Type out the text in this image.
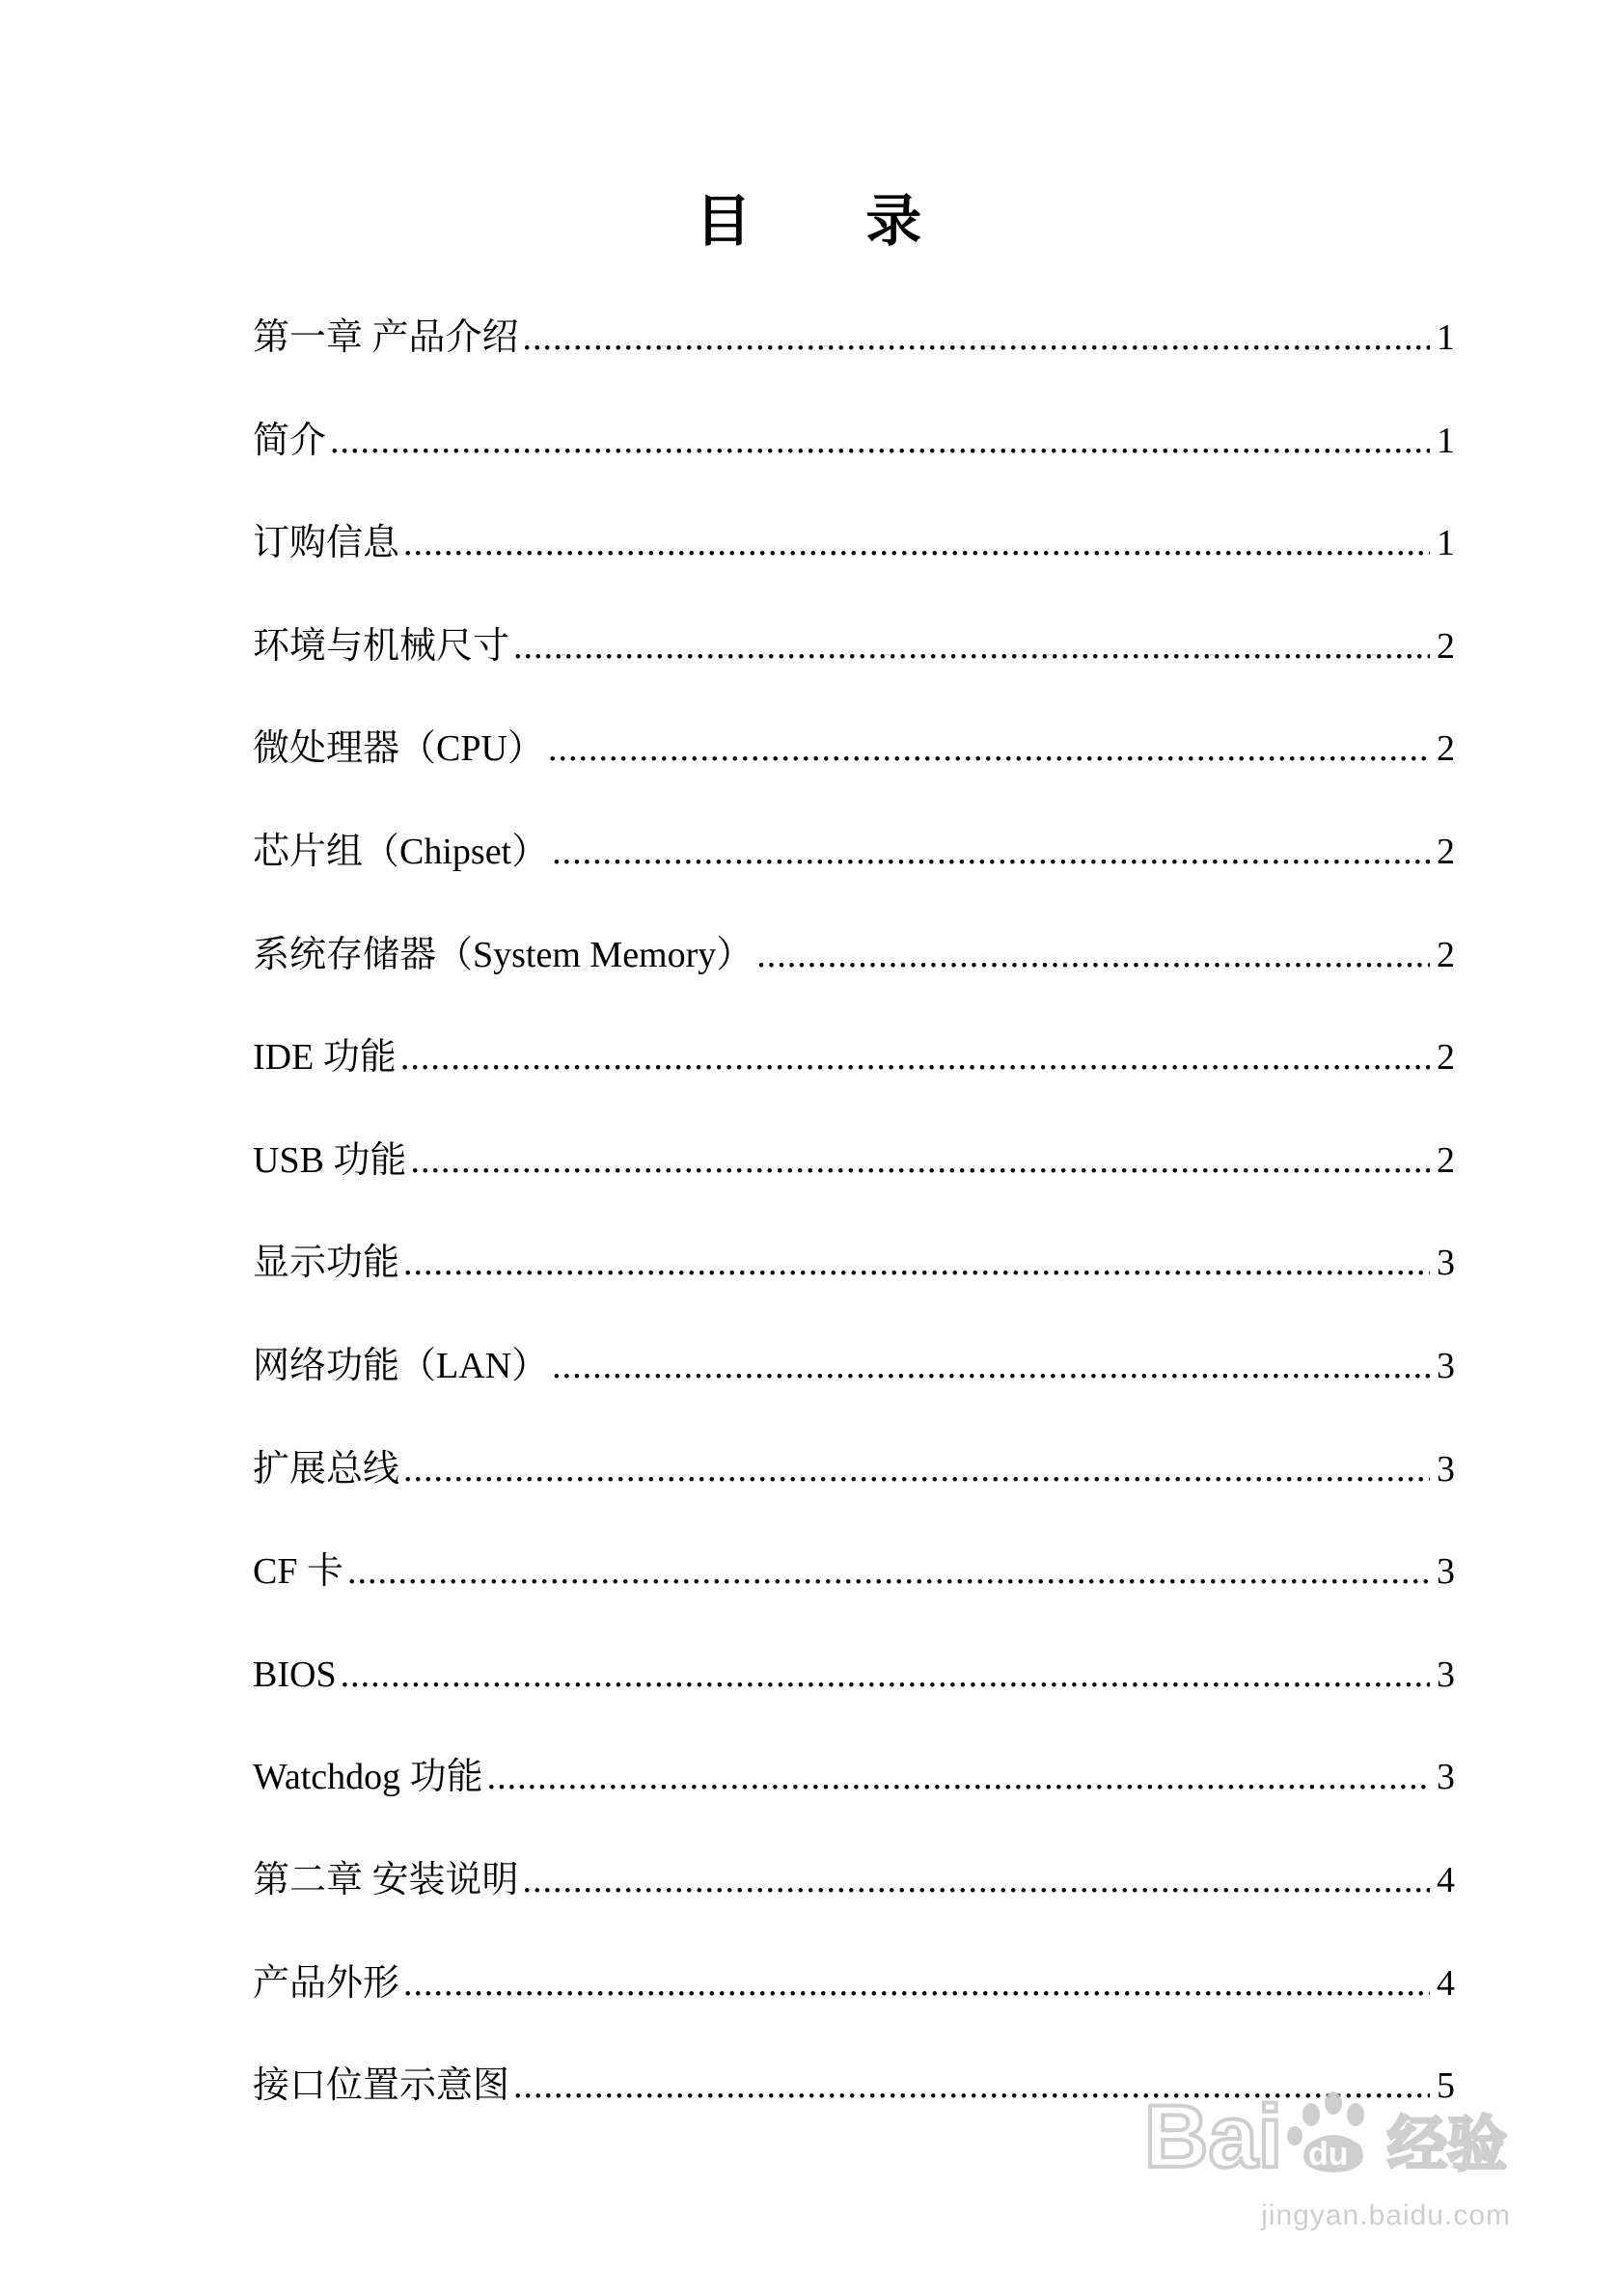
目 录
第一章 产品介绍 .....	1
简介 .....	1
订购信息 .....	1
环境与机械尺寸 .....	2
微处理器（CPU） .....	2
芯片组（Chipset） .....	2
系统存储器（System Memory） .....	2
IDE 功能 .....	2
USB 功能 .....	2
显示功能 .....	3
网络功能（LAN） .....	3
扩展总线 .....	3
CF 卡 .....	3
BIOS .....	3
Watchdog 功能 .....	3
第二章 安装说明 .....	4
产品外形 .....	4
接口位置示意图 .....	5
Bai du 经验
jingyan.baidu.com
